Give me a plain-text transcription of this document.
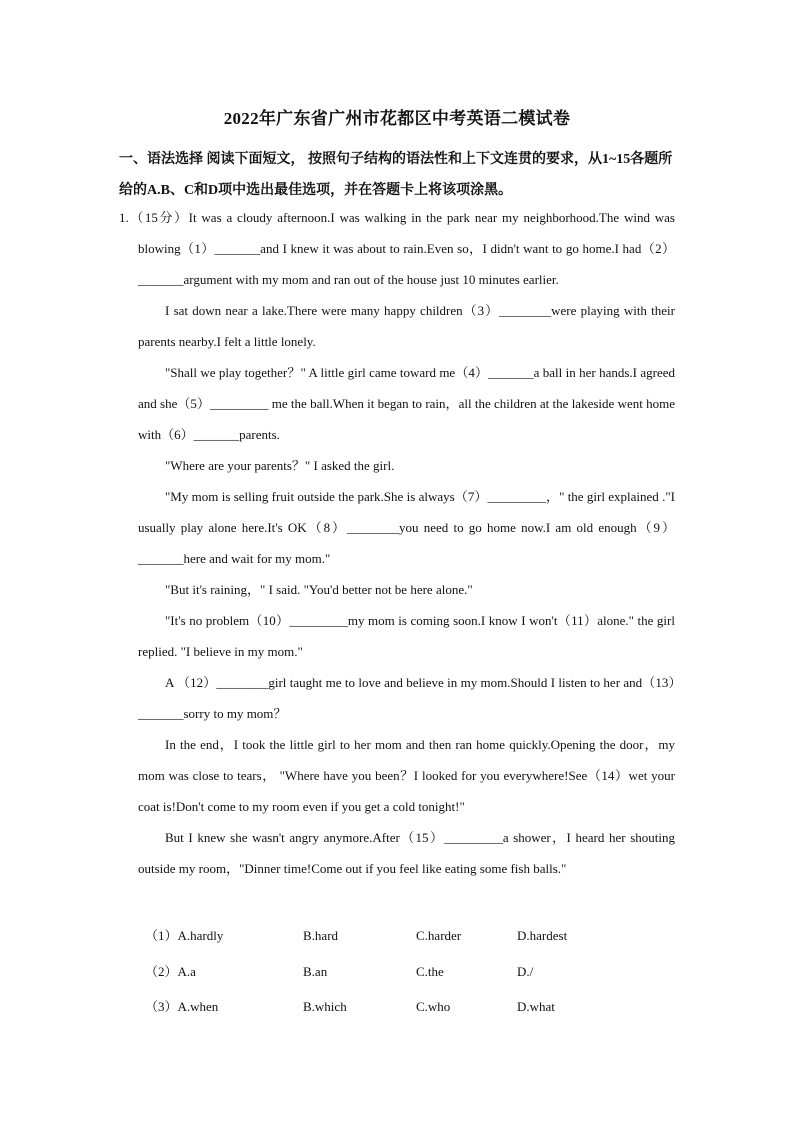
2022年广东省广州市花都区中考英语二模试卷
一、语法选择 阅读下面短文， 按照句子结构的语法性和上下文连贯的要求，从1~15各题所给的A.B、C和D项中选出最佳选项，并在答题卡上将该项涂黑。

1.（15分）It was a cloudy afternoon.I was walking in the park near my neighborhood.The wind was blowing（1）_______and I knew it was about to rain.Even so，I didn't want to go home.I had（2）_______argument with my mom and ran out of the house just 10 minutes earlier.

I sat down near a lake.There were many happy children（3）________were playing with their parents nearby.I felt a little lonely.

"Shall we play together？" A little girl came toward me（4）_______a ball in her hands.I agreed and she（5）_________ me the ball.When it began to rain，all the children at the lakeside went home with（6）_______parents.

"Where are your parents？" I asked the girl.

"My mom is selling fruit outside the park.She is always（7）_________，" the girl explained ."I usually play alone here.It's OK（8）________you need to go home now.I am old enough（9）_______here and wait for my mom."

"But it's raining，" I said. "You'd better not be here alone."

"It's no problem（10）_________my mom is coming soon.I know I won't（11）alone." the girl replied. "I believe in my mom."

A （12）________girl taught me to love and believe in my mom.Should I listen to her and（13）_______sorry to my mom？

In the end，I took the little girl to her mom and then ran home quickly.Opening the door，my mom was close to tears， "Where have you been？I looked for you everywhere!See（14）wet your coat is!Don't come to my room even if you get a cold tonight!"

But I knew she wasn't angry anymore.After（15）_________a shower，I heard her shouting outside my room，"Dinner time!Come out if you feel like eating some fish balls."

（1）A.hardly	B.hard	C.harder	D.hardest
（2）A.a	B.an	C.the	D./
（3）A.when	B.which	C.who	D.what
